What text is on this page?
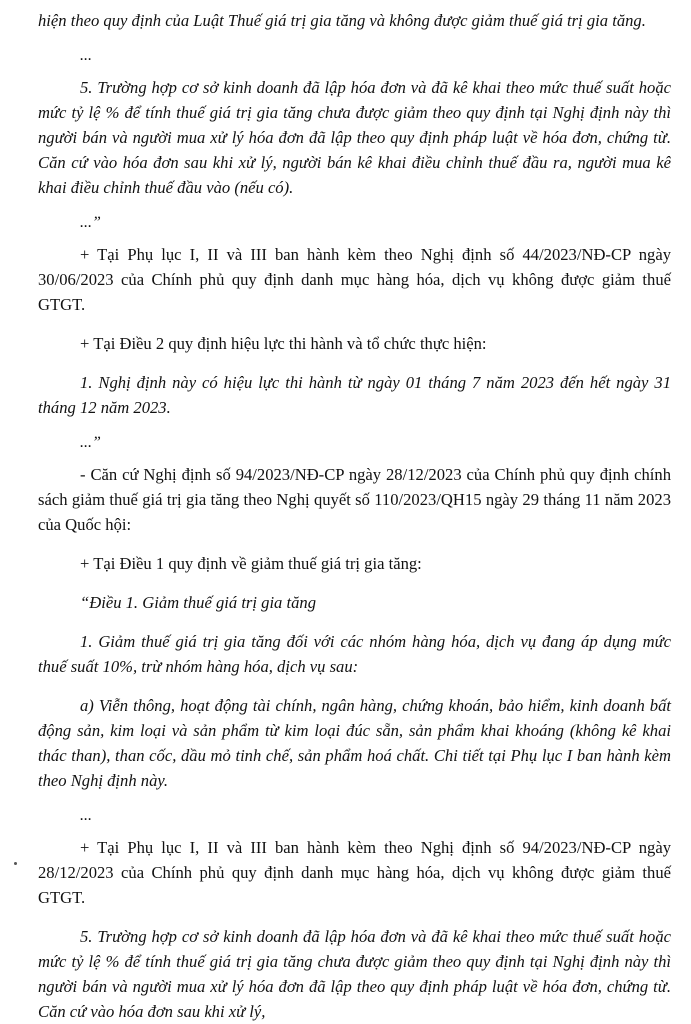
hiện theo quy định của Luật Thuế giá trị gia tăng và không được giảm thuế giá trị gia tăng.

...

5. Trường hợp cơ sở kinh doanh đã lập hóa đơn và đã kê khai theo mức thuế suất hoặc mức tỷ lệ % để tính thuế giá trị gia tăng chưa được giảm theo quy định tại Nghị định này thì người bán và người mua xử lý hóa đơn đã lập theo quy định pháp luật về hóa đơn, chứng từ. Căn cứ vào hóa đơn sau khi xử lý, người bán kê khai điều chỉnh thuế đầu ra, người mua kê khai điều chỉnh thuế đầu vào (nếu có).

...”

+ Tại Phụ lục I, II và III ban hành kèm theo Nghị định số 44/2023/NĐ-CP ngày 30/06/2023 của Chính phủ quy định danh mục hàng hóa, dịch vụ không được giảm thuế GTGT.

+ Tại Điều 2 quy định hiệu lực thi hành và tổ chức thực hiện:

1. Nghị định này có hiệu lực thi hành từ ngày 01 tháng 7 năm 2023 đến hết ngày 31 tháng 12 năm 2023.

...”

- Căn cứ Nghị định số 94/2023/NĐ-CP ngày 28/12/2023 của Chính phủ quy định chính sách giảm thuế giá trị gia tăng theo Nghị quyết số 110/2023/QH15 ngày 29 tháng 11 năm 2023 của Quốc hội:

+ Tại Điều 1 quy định về giảm thuế giá trị gia tăng:

“Điều 1. Giảm thuế giá trị gia tăng

1. Giảm thuế giá trị gia tăng đối với các nhóm hàng hóa, dịch vụ đang áp dụng mức thuế suất 10%, trừ nhóm hàng hóa, dịch vụ sau:

a) Viễn thông, hoạt động tài chính, ngân hàng, chứng khoán, bảo hiểm, kinh doanh bất động sản, kim loại và sản phẩm từ kim loại đúc sẵn, sản phẩm khai khoáng (không kê khai thác than), than cốc, dầu mỏ tinh chế, sản phẩm hoá chất. Chi tiết tại Phụ lục I ban hành kèm theo Nghị định này.

...

+ Tại Phụ lục I, II và III ban hành kèm theo Nghị định số 94/2023/NĐ-CP ngày 28/12/2023 của Chính phủ quy định danh mục hàng hóa, dịch vụ không được giảm thuế GTGT.

5. Trường hợp cơ sở kinh doanh đã lập hóa đơn và đã kê khai theo mức thuế suất hoặc mức tỷ lệ % để tính thuế giá trị gia tăng chưa được giảm theo quy định tại Nghị định này thì người bán và người mua xử lý hóa đơn đã lập theo quy định pháp luật về hóa đơn, chứng từ. Căn cứ vào hóa đơn sau khi xử lý,
